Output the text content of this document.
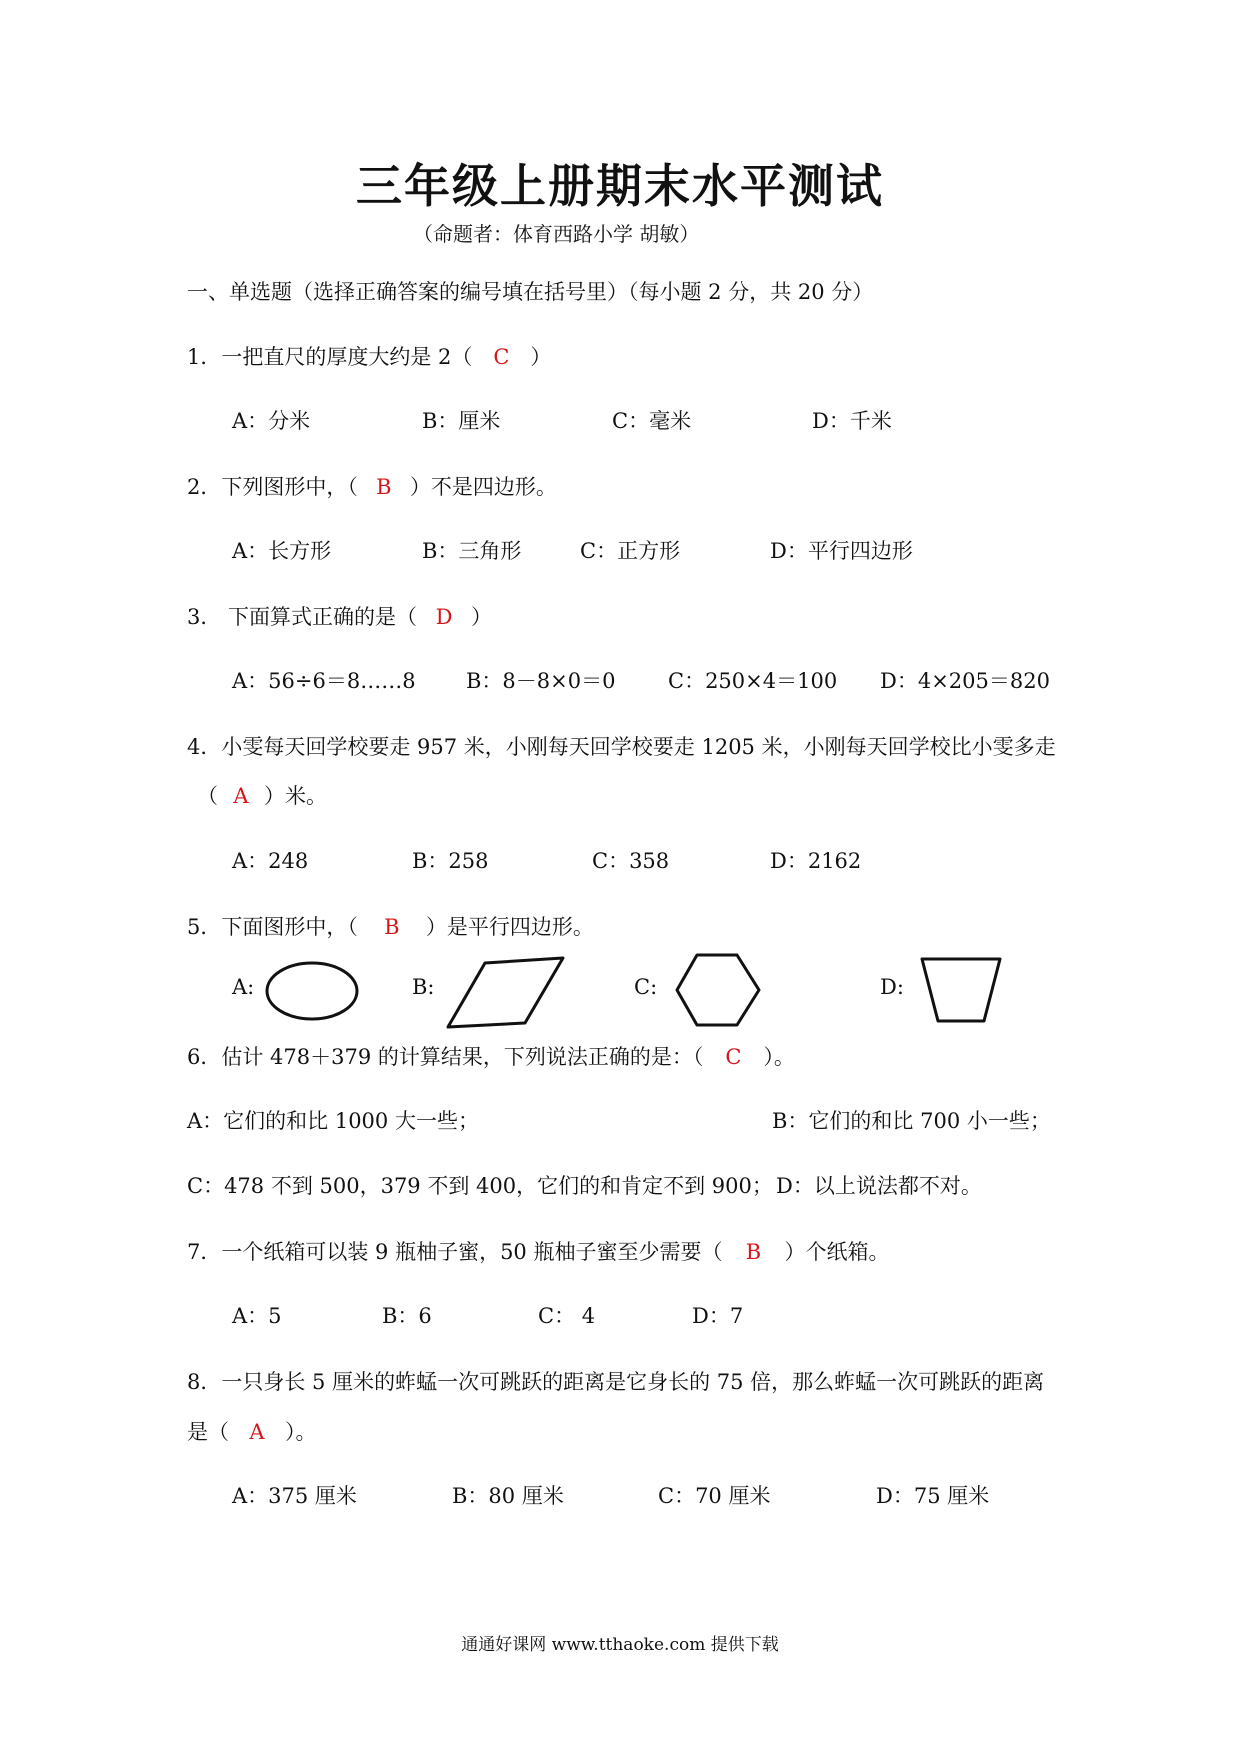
三年级上册期末水平测试
（命题者：体育西路小学 胡敏）
一、单选题（选择正确答案的编号填在括号里）（每小题 2 分，共 20 分）
1．一把直尺的厚度大约是 2（ C ）
A：分米	B：厘米	C：毫米	D：千米
2．下列图形中，（ B ）不是四边形。
A：长方形	B：三角形	C：正方形	D：平行四边形
3． 下面算式正确的是（ D ）
A：56÷6＝8……8 B：8－8×0＝0	C：250×4＝100 D：4×205＝820
4．小雯每天回学校要走 957 米，小刚每天回学校要走 1205 米，小刚每天回学校比小雯多走
（ A ）米。
A：248	B：258	C：358	D：2162
5．下面图形中，（ B ）是平行四边形。
A:	B:	C:	D:
6．估计 478＋379 的计算结果，下列说法正确的是：（ C ）。
A：它们的和比 1000 大一些；	B：它们的和比 700 小一些；
C：478 不到 500，379 不到 400，它们的和肯定不到 900； D：以上说法都不对。
7．一个纸箱可以装 9 瓶柚子蜜，50 瓶柚子蜜至少需要（ B ）个纸箱。
A：5	B：6	C： 4	D：7
8．一只身长 5 厘米的蚱蜢一次可跳跃的距离是它身长的 75 倍，那么蚱蜢一次可跳跃的距离
是（ A ）。
A：375 厘米	B：80 厘米	C：70 厘米	D：75 厘米
通通好课网 www.tthaoke.com 提供下载
